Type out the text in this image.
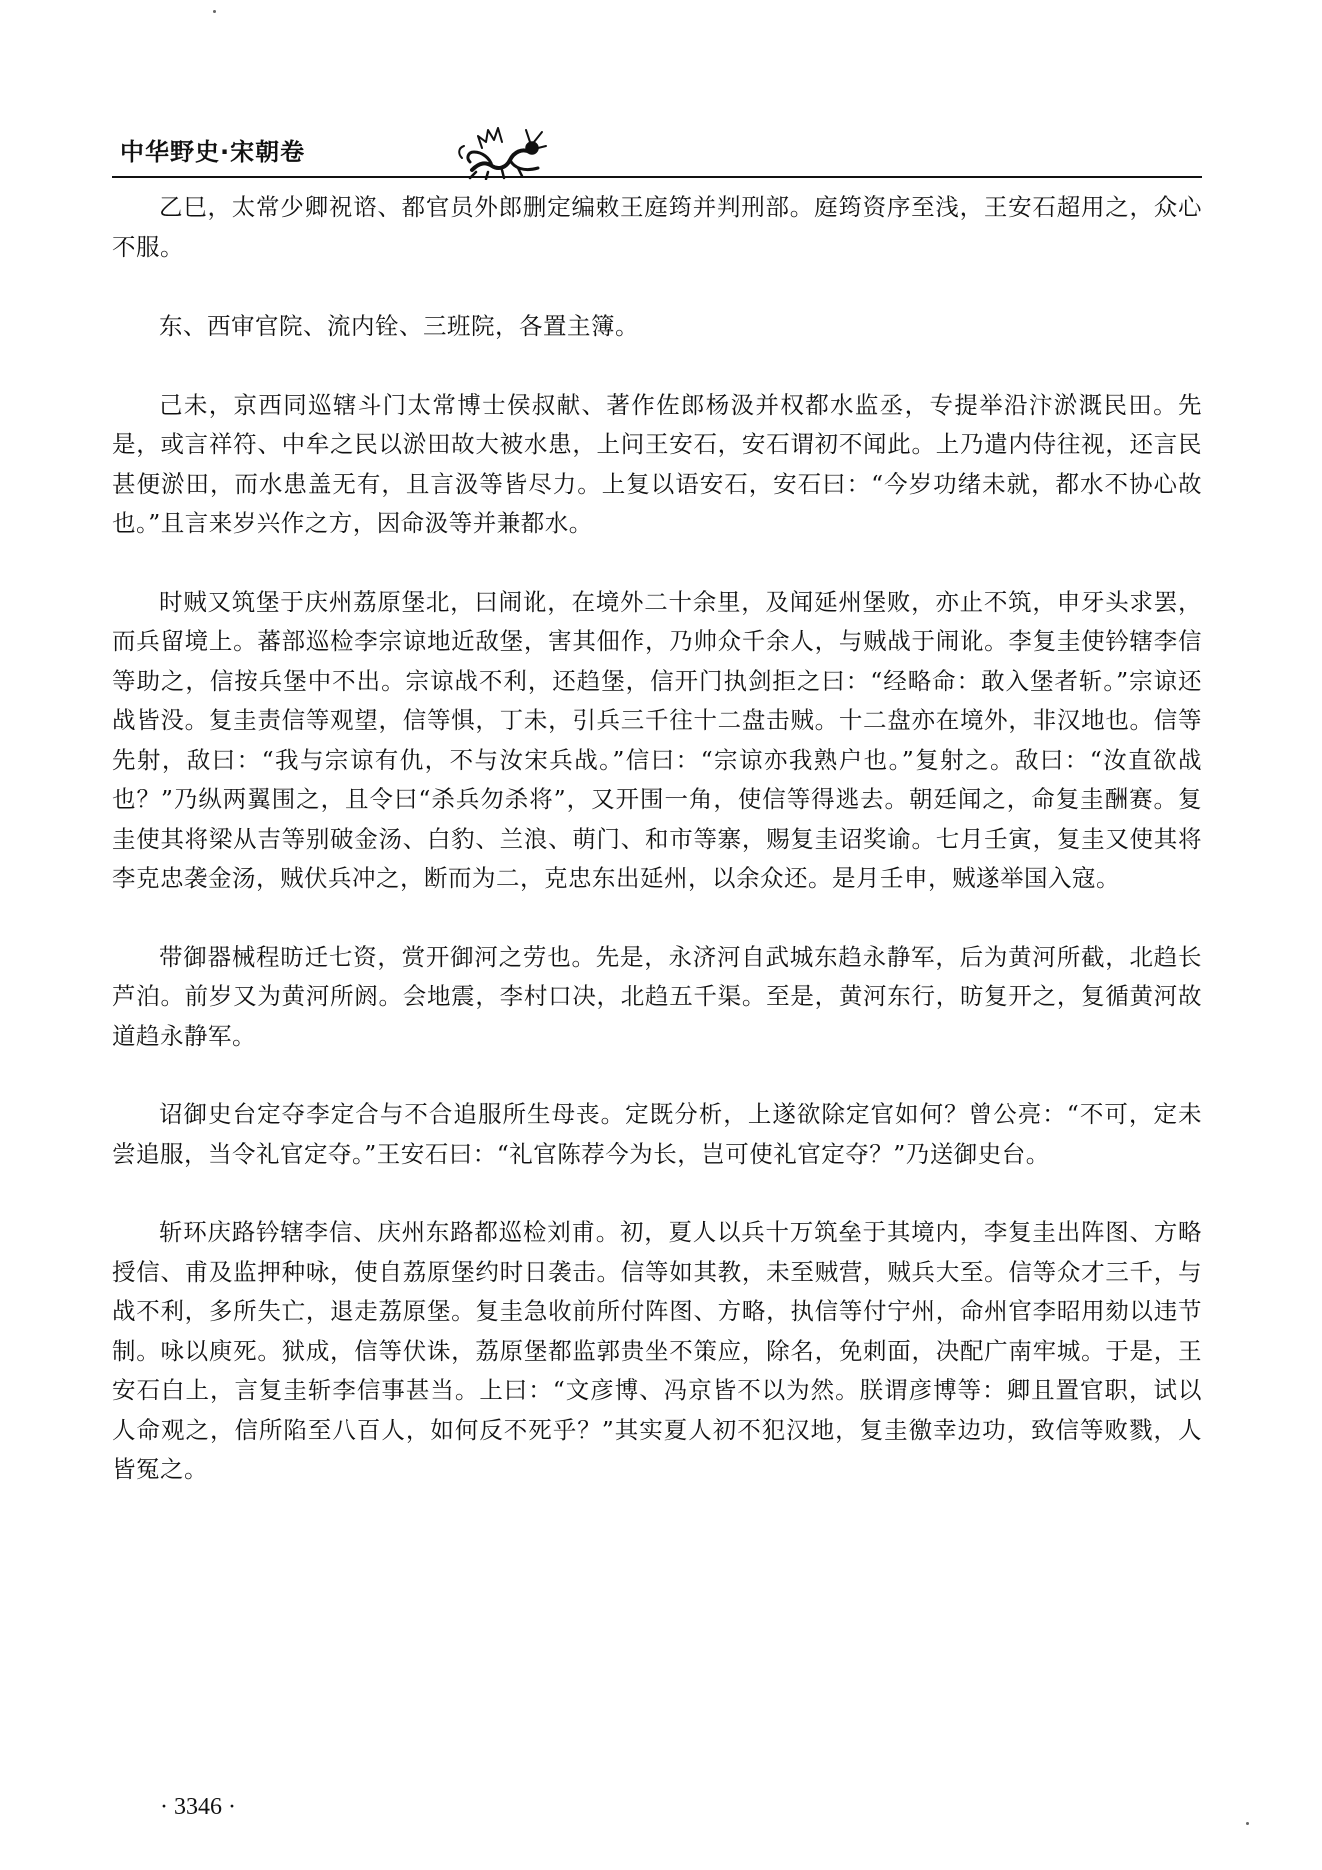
中华野史·宋朝卷

乙巳，太常少卿祝谘、都官员外郎删定编敕王庭筠并判刑部。庭筠资序至浅，王安石超用之，众心不服。

东、西审官院、流内铨、三班院，各置主簿。

己未，京西同巡辖斗门太常博士侯叔献、著作佐郎杨汲并权都水监丞，专提举沿汴淤溉民田。先是，或言祥符、中牟之民以淤田故大被水患，上问王安石，安石谓初不闻此。上乃遣内侍往视，还言民甚便淤田，而水患盖无有，且言汲等皆尽力。上复以语安石，安石曰：“今岁功绪未就，都水不协心故也。”且言来岁兴作之方，因命汲等并兼都水。

时贼又筑堡于庆州荔原堡北，曰闹讹，在境外二十余里，及闻延州堡败，亦止不筑，申牙头求罢，而兵留境上。蕃部巡检李宗谅地近敌堡，害其佃作，乃帅众千余人，与贼战于闹讹。李复圭使钤辖李信等助之，信按兵堡中不出。宗谅战不利，还趋堡，信开门执剑拒之曰：“经略命：敢入堡者斩。”宗谅还战皆没。复圭责信等观望，信等惧，丁未，引兵三千往十二盘击贼。十二盘亦在境外，非汉地也。信等先射，敌曰：“我与宗谅有仇，不与汝宋兵战。”信曰：“宗谅亦我熟户也。”复射之。敌曰：“汝直欲战也？”乃纵两翼围之，且令曰“杀兵勿杀将”，又开围一角，使信等得逃去。朝廷闻之，命复圭酬赛。复圭使其将梁从吉等别破金汤、白豹、兰浪、萌门、和市等寨，赐复圭诏奖谕。七月壬寅，复圭又使其将李克忠袭金汤，贼伏兵冲之，断而为二，克忠东出延州，以余众还。是月壬申，贼遂举国入寇。

带御器械程昉迁七资，赏开御河之劳也。先是，永济河自武城东趋永静军，后为黄河所截，北趋长芦泊。前岁又为黄河所阏。会地震，李村口决，北趋五千渠。至是，黄河东行，昉复开之，复循黄河故道趋永静军。

诏御史台定夺李定合与不合追服所生母丧。定既分析，上遂欲除定官如何？曾公亮：“不可，定未尝追服，当令礼官定夺。”王安石曰：“礼官陈荐今为长，岂可使礼官定夺？”乃送御史台。

斩环庆路钤辖李信、庆州东路都巡检刘甫。初，夏人以兵十万筑垒于其境内，李复圭出阵图、方略授信、甫及监押种咏，使自荔原堡约时日袭击。信等如其教，未至贼营，贼兵大至。信等众才三千，与战不利，多所失亡，退走荔原堡。复圭急收前所付阵图、方略，执信等付宁州，命州官李昭用劾以违节制。咏以庾死。狱成，信等伏诛，荔原堡都监郭贵坐不策应，除名，免刺面，决配广南牢城。于是，王安石白上，言复圭斩李信事甚当。上曰：“文彦博、冯京皆不以为然。朕谓彦博等：卿且置官职，试以人命观之，信所陷至八百人，如何反不死乎？”其实夏人初不犯汉地，复圭徼幸边功，致信等败戮，人皆冤之。

· 3346 ·
